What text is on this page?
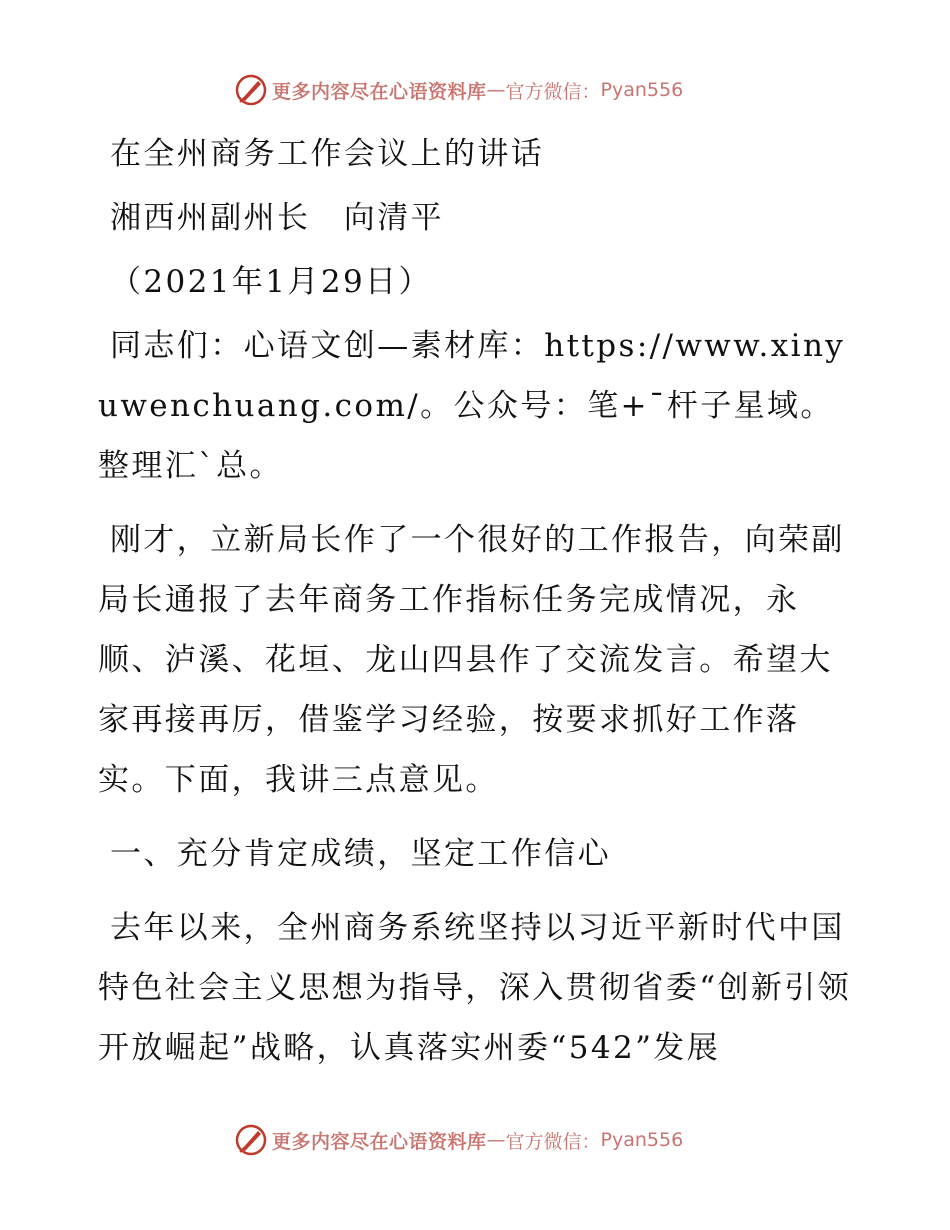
更多内容尽在心语资料库 — 官方微信： Pyan556

在全州商务工作会议上的讲话

湘西州副州长　向清平

（2021年1月29日）

同志们：心语文创—素材库：https://www.xinyuwenchuang.com/。公众号：笔+¯杆子星域。整理汇`总。

刚才，立新局长作了一个很好的工作报告，向荣副局长通报了去年商务工作指标任务完成情况，永顺、泸溪、花垣、龙山四县作了交流发言。希望大家再接再厉，借鉴学习经验，按要求抓好工作落实。下面，我讲三点意见。

一、充分肯定成绩，坚定工作信心

去年以来，全州商务系统坚持以习近平新时代中国特色社会主义思想为指导，深入贯彻省委“创新引领开放崛起”战略，认真落实州委“542”发展

更多内容尽在心语资料库 — 官方微信： Pyan556
